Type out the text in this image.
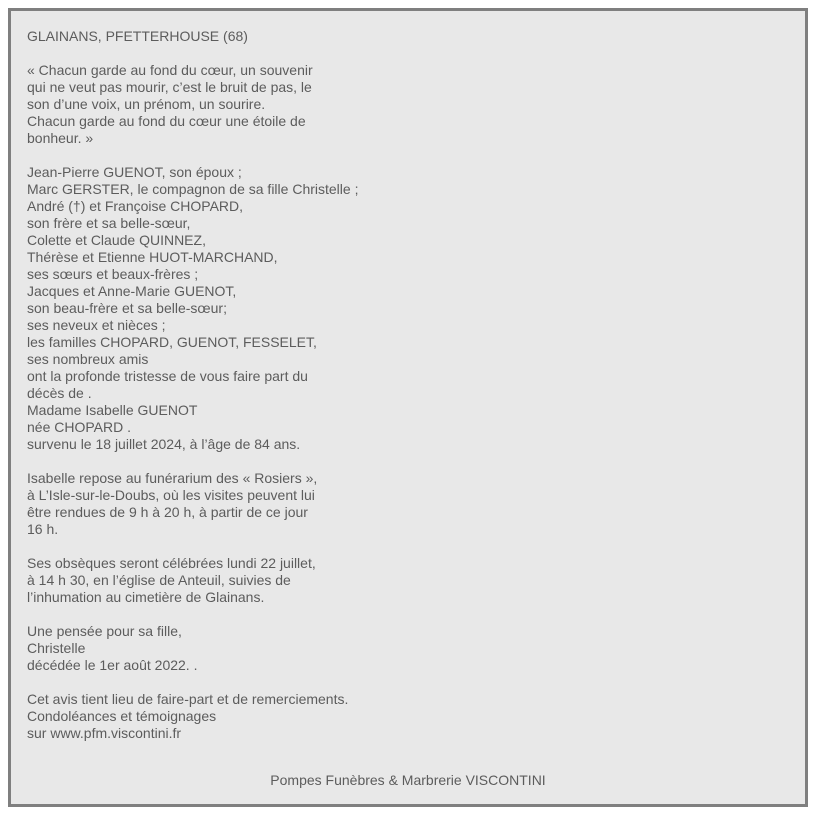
GLAINANS, PFETTERHOUSE (68)
« Chacun garde au fond du cœur, un souvenir
qui ne veut pas mourir, c’est le bruit de pas, le
son d’une voix, un prénom, un sourire.
Chacun garde au fond du cœur une étoile de
bonheur. »
Jean-Pierre GUENOT, son époux ;
Marc GERSTER, le compagnon de sa fille Christelle ;
André (†) et Françoise CHOPARD,
son frère et sa belle-sœur,
Colette et Claude QUINNEZ,
Thérèse et Etienne HUOT-MARCHAND,
ses sœurs et beaux-frères ;
Jacques et Anne-Marie GUENOT,
son beau-frère et sa belle-sœur;
ses neveux et nièces ;
les familles CHOPARD, GUENOT, FESSELET,
ses nombreux amis
ont la profonde tristesse de vous faire part du
décès de .
Madame Isabelle GUENOT
née CHOPARD .
survenu le 18 juillet 2024, à l’âge de 84 ans.
Isabelle repose au funérarium des « Rosiers »,
à L’Isle-sur-le-Doubs, où les visites peuvent lui
être rendues de 9 h à 20 h, à partir de ce jour
16 h.
Ses obsèques seront célébrées lundi 22 juillet,
à 14 h 30, en l’église de Anteuil, suivies de
l’inhumation au cimetière de Glainans.
Une pensée pour sa fille,
Christelle
décédée le 1er août 2022. .
Cet avis tient lieu de faire-part et de remerciements.
Condoléances et témoignages
sur www.pfm.viscontini.fr
Pompes Funèbres & Marbrerie VISCONTINI
